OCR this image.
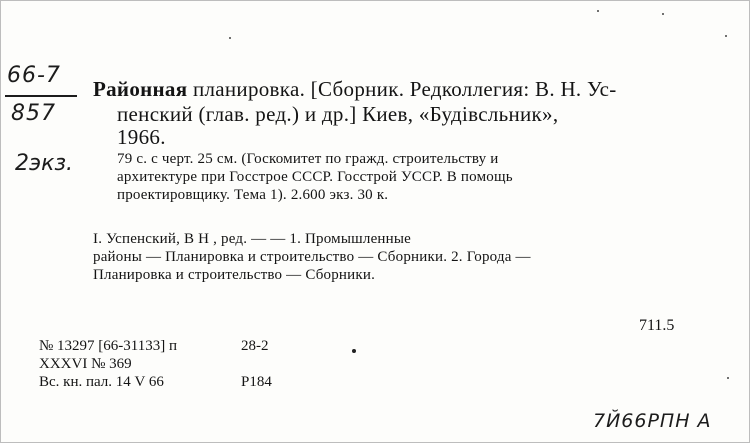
66-7
857
2экз.
Районная планировка. [Сборник. Редколлегия: В. Н. Ус-
пенский (глав. ред.) и др.] Киев, «Будівсльник»,
1966.
79 с. с черт. 25 см. (Госкомитет по гражд. строительству и
архитектуре при Госстрое СССР. Госстрой УССР. В помощь
проектировщику. Тема 1). 2.600 экз. 30 к.
I. Успенский, В Н , ред. — — 1. Промышленные
районы — Планировка и строительство — Сборники. 2. Города —
Планировка и строительство — Сборники.
711.5
№ 13297 [66-31133] п	28-2
XXXVI № 369
Вс. кн. пал. 14 V 66	Р184
7Й66РПН А
